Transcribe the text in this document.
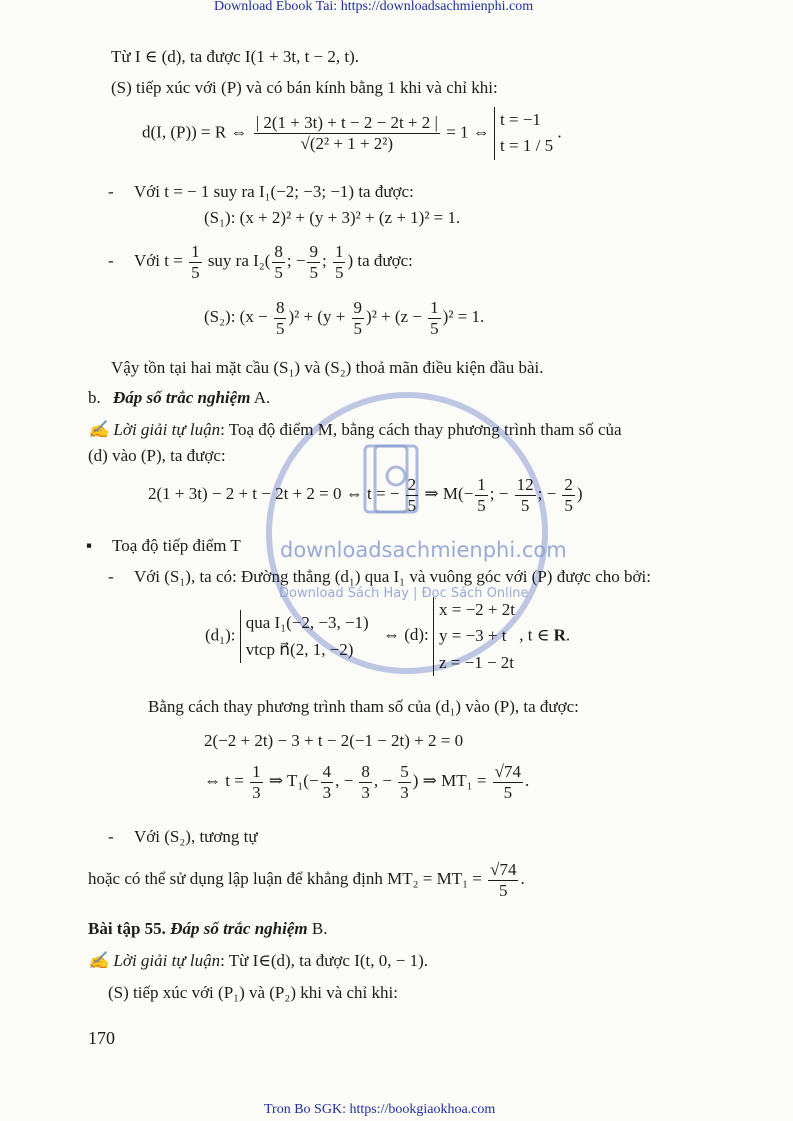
Download Ebook Tai: https://downloadsachmienphi.com
Tron Bo SGK: https://bookgiaokhoa.com
downloadsachmienphi.com
Download Sách Hay | Đọc Sách Online
Từ I ∈ (d), ta được I(1 + 3t, t − 2, t).
(S) tiếp xúc với (P) và có bán kính bằng 1 khi và chỉ khi:
d(I, (P)) = R ⇔ $\frac{| 2(1 + 3t) + t - 2 - 2t + 2 |}{\text{√(2² + 1 + 2²)}} = 1$ ⇔
t = −1
t = 1 / 5
.
- Với t = − 1 suy ra I₁(−2; −3; −1) ta được:
(S₁): (x + 2)² + (y + 3)² + (z + 1)² = 1.
- Với $t = \frac{1}{5}$ suy ra $I_2( \frac{8}{5}$ ; − $\frac{9}{5}$ ; $\frac{1}{5}$ ) ta được:
(S₂): $(x - \frac{8}{5} )^2 + (y + \frac{9}{5} )^2 + (z - \frac{1}{5} )^2 = 1$.
Vậy tồn tại hai mặt cầu (S₁) và (S₂) thoả mãn điều kiện đầu bài.
b. Đáp số trắc nghiệm A.
✍ Lời giải tự luận: Toạ độ điểm M, bằng cách thay phương trình tham số của
(d) vào (P), ta được:
2(1 + 3t) − 2 + t − 2t + 2 = 0 ⇔ t = − $\frac{2}{5}$ ⇒ $M(- \frac{1}{5}$ ; − $\frac{12}{5}$ ; − $\frac{2}{5}$ )
▪ Toạ độ tiếp điểm T
- Với (S₁), ta có: Đường thẳng (d₁) qua I₁ và vuông góc với (P) được cho bởi:
(d₁):
qua I₁(−2, −3, −1)
vtcp n⃗(2, 1, −2)
⇔ (d):
x = −2 + 2t
y = −3 + t
z = −1 − 2t
, t ∈ R.
Bằng cách thay phương trình tham số của (d₁) vào (P), ta được:
2(−2 + 2t) − 3 + t − 2(−1 − 2t) + 2 = 0
⇔ $t = \frac{1}{3}$ ⇒ $T_1(- \frac{4}{3}$ , − $\frac{8}{3}$ , − $\frac{5}{3}$ ) ⇒ $MT_1 = \frac{√74}{5}$ .
- Với (S₂), tương tự
hoặc có thể sử dụng lập luận để khẳng định $MT_2 = MT_1 = \frac{√74}{5}$ .
Bài tập 55. Đáp số trắc nghiệm B.
✍ Lời giải tự luận: Từ I∈(d), ta được I(t, 0, − 1).
(S) tiếp xúc với (P₁) và (P₂) khi và chỉ khi:
170
